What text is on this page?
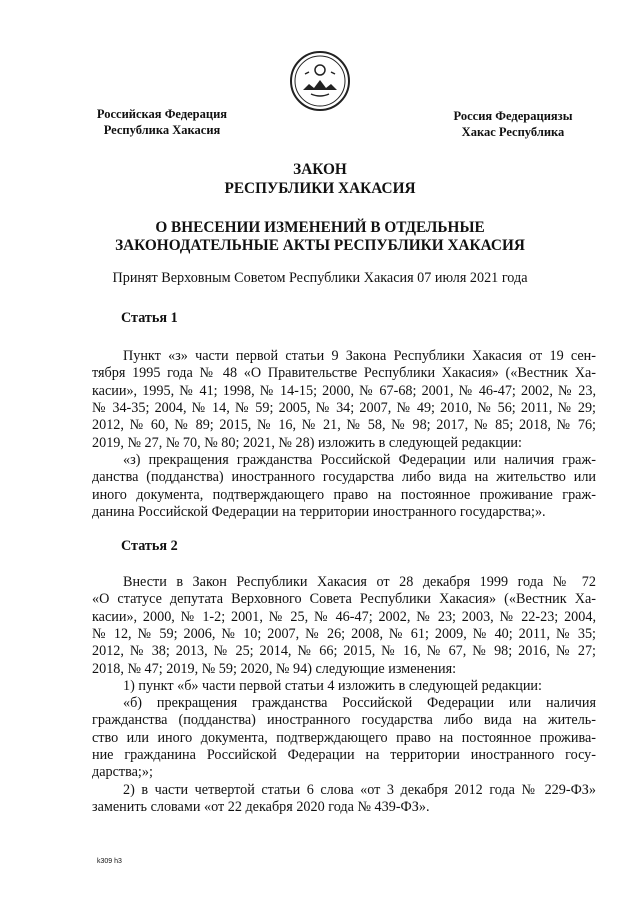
Российская Федерация
Республика Хакасия
Россия Федерациязы
Хакас Республика
ЗАКОН
РЕСПУБЛИКИ ХАКАСИЯ
О ВНЕСЕНИИ ИЗМЕНЕНИЙ В ОТДЕЛЬНЫЕ
ЗАКОНОДАТЕЛЬНЫЕ АКТЫ РЕСПУБЛИКИ ХАКАСИЯ
Принят Верховным Советом Республики Хакасия 07 июля 2021 года
Статья 1
Пункт «з» части первой статьи 9 Закона Республики Хакасия от 19 сен-
тября 1995 года № 48 «О Правительстве Республики Хакасия» («Вестник Ха-
касии», 1995, № 41; 1998, № 14-15; 2000, № 67-68; 2001, № 46-47; 2002, № 23,
№ 34-35; 2004, № 14, № 59; 2005, № 34; 2007, № 49; 2010, № 56; 2011, № 29;
2012, № 60, № 89; 2015, № 16, № 21, № 58, № 98; 2017, № 85; 2018, № 76;
2019, № 27, № 70, № 80; 2021, № 28) изложить в следующей редакции:
«з) прекращения гражданства Российской Федерации или наличия граж-
данства (подданства) иностранного государства либо вида на жительство или
иного документа, подтверждающего право на постоянное проживание граж-
данина Российской Федерации на территории иностранного государства;».
Статья 2
Внести в Закон Республики Хакасия от 28 декабря 1999 года № 72
«О статусе депутата Верховного Совета Республики Хакасия» («Вестник Ха-
касии», 2000, № 1-2; 2001, № 25, № 46-47; 2002, № 23; 2003, № 22-23; 2004,
№ 12, № 59; 2006, № 10; 2007, № 26; 2008, № 61; 2009, № 40; 2011, № 35;
2012, № 38; 2013, № 25; 2014, № 66; 2015, № 16, № 67, № 98; 2016, № 27;
2018, № 47; 2019, № 59; 2020, № 94) следующие изменения:
1) пункт «б» части первой статьи 4 изложить в следующей редакции:
«б) прекращения гражданства Российской Федерации или наличия
гражданства (подданства) иностранного государства либо вида на житель-
ство или иного документа, подтверждающего право на постоянное прожива-
ние гражданина Российской Федерации на территории иностранного госу-
дарства;»;
2) в части четвертой статьи 6 слова «от 3 декабря 2012 года № 229-ФЗ»
заменить словами «от 22 декабря 2020 года № 439-ФЗ».
k309 h3
